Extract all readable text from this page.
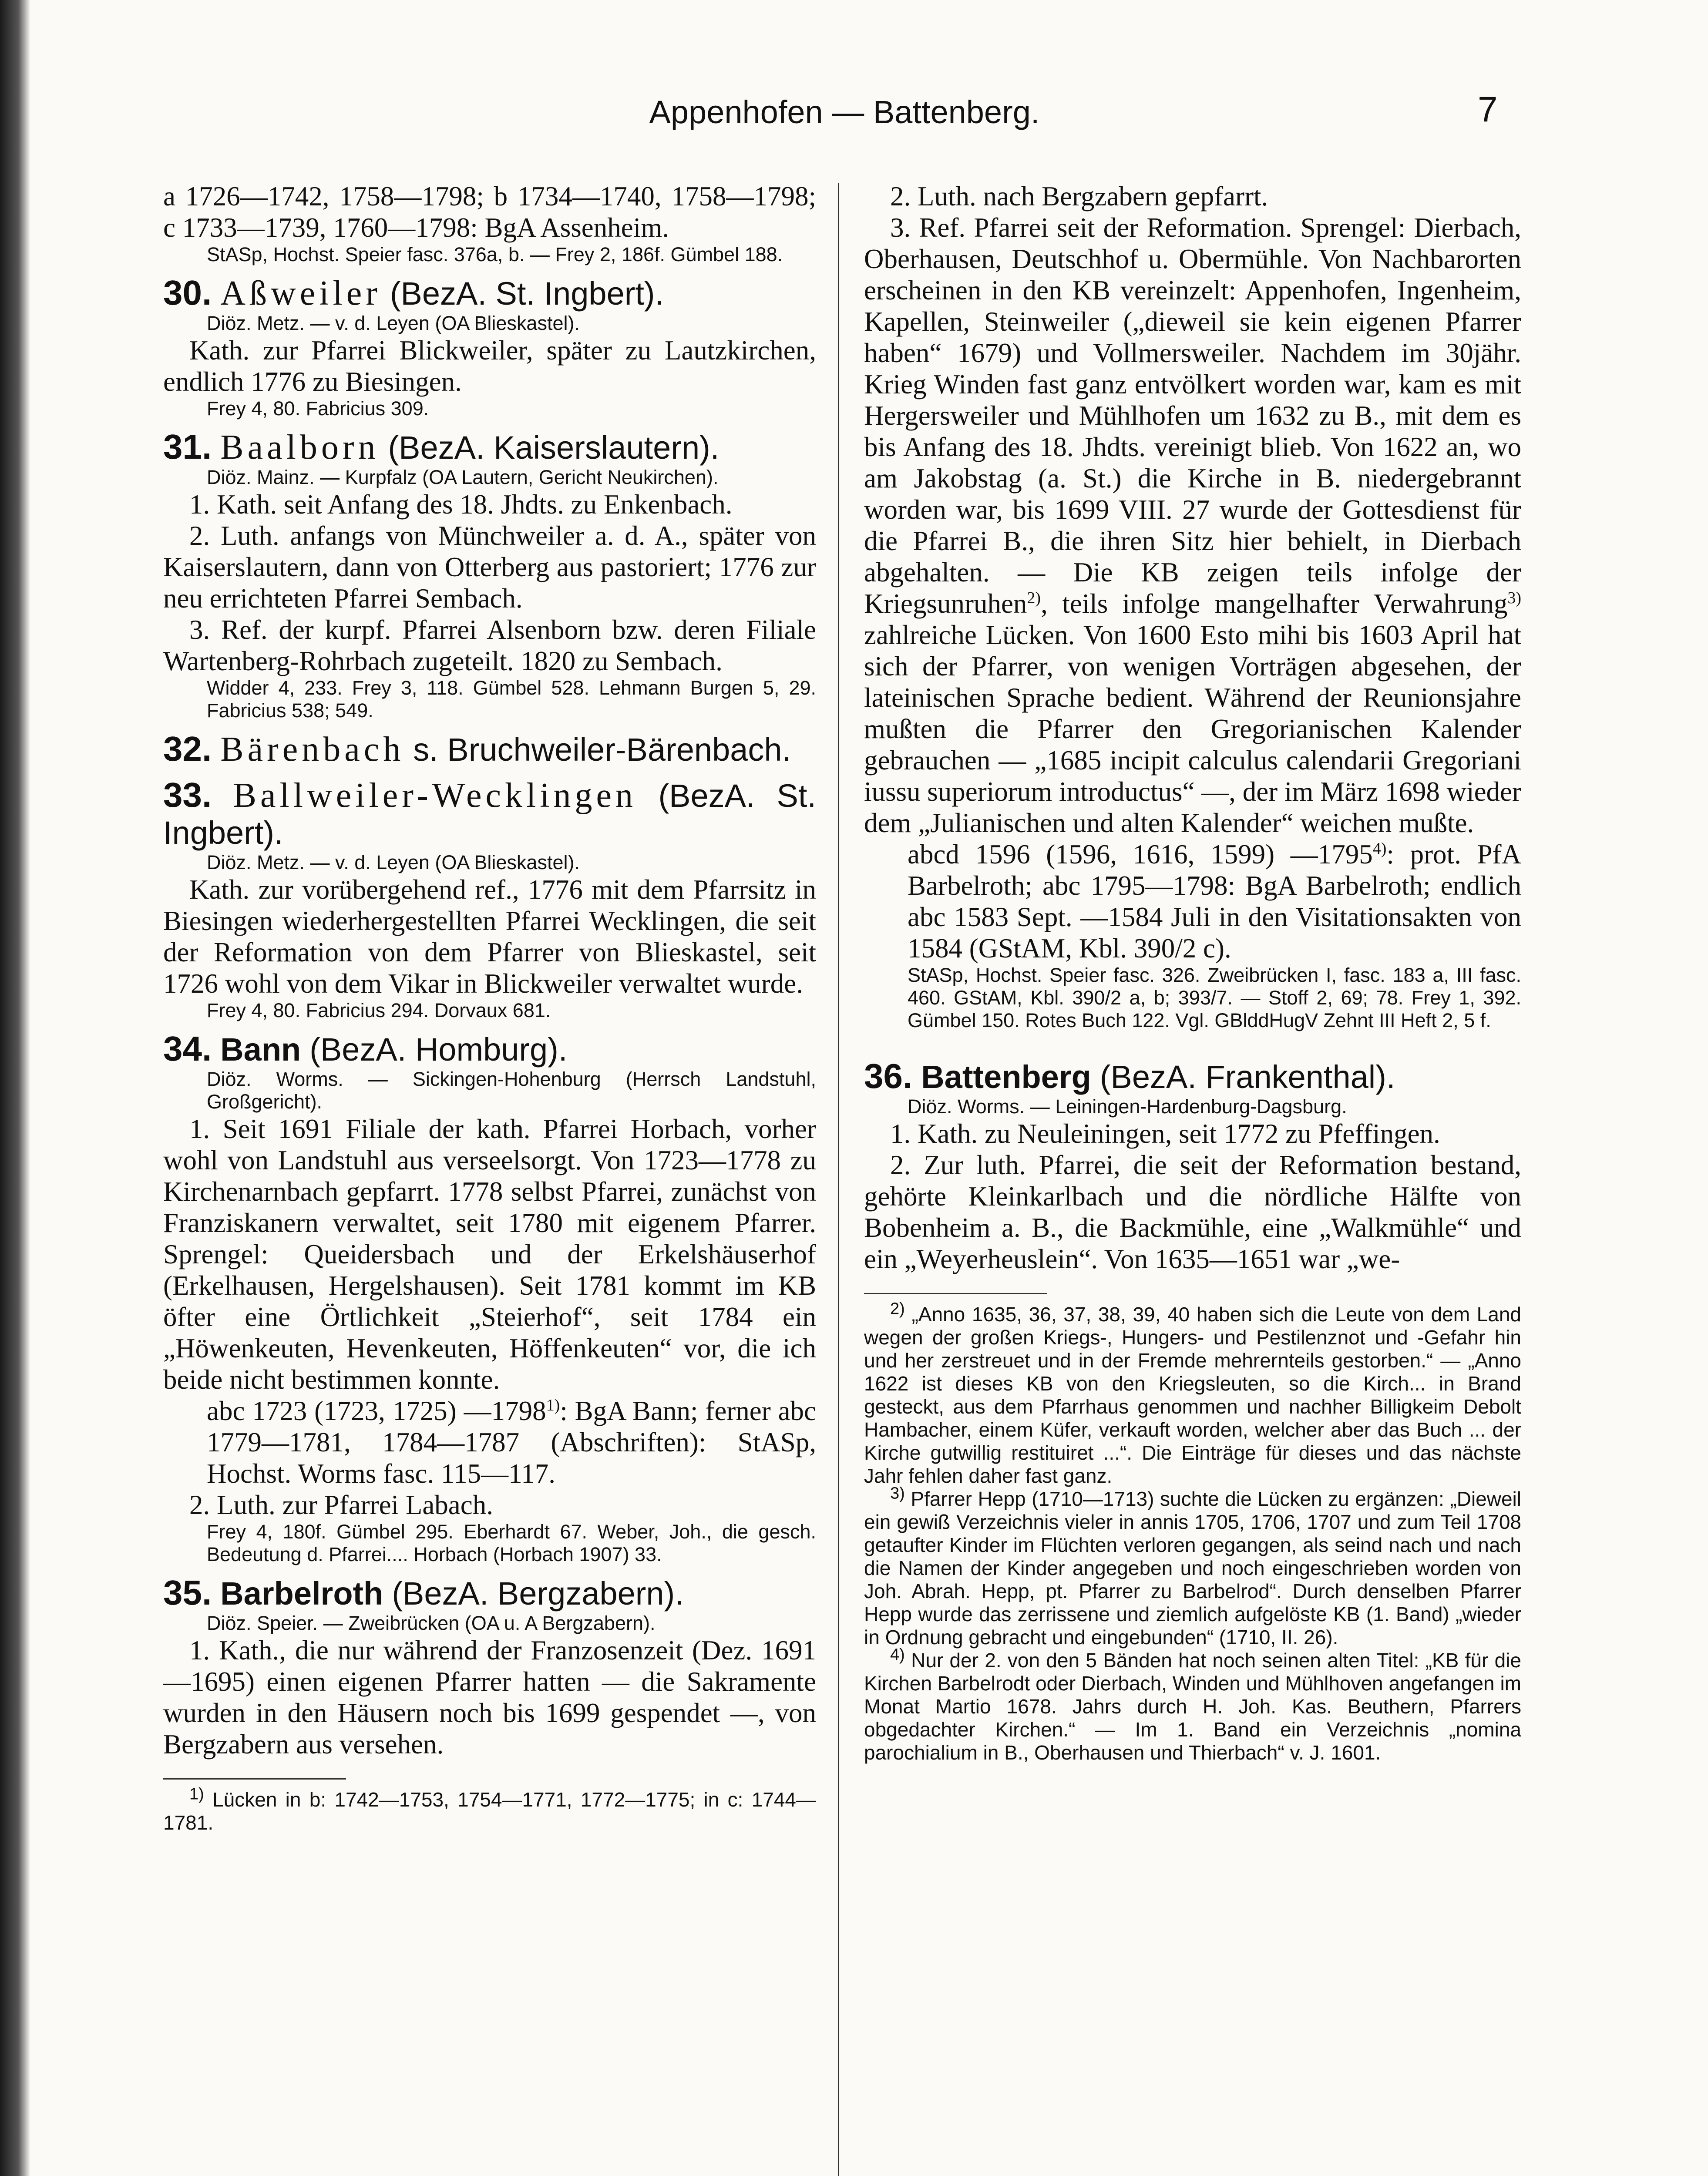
Appenhofen — Battenberg.	7

a 1726—1742, 1758—1798; b 1734—1740, 1758—1798; c 1733—1739, 1760—1798: BgA Assenheim.

StASp, Hochst. Speier fasc. 376a, b. — Frey 2, 186f. Gümbel 188.

30. Aßweiler (BezA. St. Ingbert).

Diöz. Metz. — v. d. Leyen (OA Blieskastel).

Kath. zur Pfarrei Blickweiler, später zu Lautzkirchen, endlich 1776 zu Biesingen.

Frey 4, 80. Fabricius 309.

31. Baalborn (BezA. Kaiserslautern).

Diöz. Mainz. — Kurpfalz (OA Lautern, Gericht Neukirchen).

1. Kath. seit Anfang des 18. Jhdts. zu Enkenbach.

2. Luth. anfangs von Münchweiler a. d. A., später von Kaiserslautern, dann von Otterberg aus pastoriert; 1776 zur neu errichteten Pfarrei Sembach.

3. Ref. der kurpf. Pfarrei Alsenborn bzw. deren Filiale Wartenberg-Rohrbach zugeteilt. 1820 zu Sembach.

Widder 4, 233. Frey 3, 118. Gümbel 528. Lehmann Burgen 5, 29. Fabricius 538; 549.

32. Bärenbach s. Bruchweiler-Bärenbach.
33. Ballweiler-Wecklingen (BezA. St. Ingbert).

Diöz. Metz. — v. d. Leyen (OA Blieskastel).

Kath. zur vorübergehend ref., 1776 mit dem Pfarrsitz in Biesingen wiederhergestellten Pfarrei Wecklingen, die seit der Reformation von dem Pfarrer von Blieskastel, seit 1726 wohl von dem Vikar in Blickweiler verwaltet wurde.

Frey 4, 80. Fabricius 294. Dorvaux 681.

34. Bann (BezA. Homburg).

Diöz. Worms. — Sickingen-Hohenburg (Herrsch Landstuhl, Großgericht).

1. Seit 1691 Filiale der kath. Pfarrei Horbach, vorher wohl von Landstuhl aus verseelsorgt. Von 1723—1778 zu Kirchenarnbach gepfarrt. 1778 selbst Pfarrei, zunächst von Franziskanern verwaltet, seit 1780 mit eigenem Pfarrer. Sprengel: Queidersbach und der Erkelshäuserhof (Erkelhausen, Hergelshausen). Seit 1781 kommt im KB öfter eine Örtlichkeit „Steierhof“, seit 1784 ein „Höwenkeuten, Hevenkeuten, Höffenkeuten“ vor, die ich beide nicht bestimmen konnte.

abc 1723 (1723, 1725) —1798$^{1)}$: BgA Bann; ferner abc 1779—1781, 1784—1787 (Abschriften): StASp, Hochst. Worms fasc. 115—117.

2. Luth. zur Pfarrei Labach.

Frey 4, 180f. Gümbel 295. Eberhardt 67. Weber, Joh., die gesch. Bedeutung d. Pfarrei.... Horbach (Horbach 1907) 33.

35. Barbelroth (BezA. Bergzabern).

Diöz. Speier. — Zweibrücken (OA u. A Bergzabern).

1. Kath., die nur während der Franzosenzeit (Dez. 1691—1695) einen eigenen Pfarrer hatten — die Sakramente wurden in den Häusern noch bis 1699 gespendet —, von Bergzabern aus versehen.

$^{1)}$ Lücken in b: 1742—1753, 1754—1771, 1772—1775; in c: 1744—1781.

2. Luth. nach Bergzabern gepfarrt.

3. Ref. Pfarrei seit der Reformation. Sprengel: Dierbach, Oberhausen, Deutschhof u. Obermühle. Von Nachbarorten erscheinen in den KB vereinzelt: Appenhofen, Ingenheim, Kapellen, Steinweiler („dieweil sie kein eigenen Pfarrer haben“ 1679) und Vollmersweiler. Nachdem im 30jähr. Krieg Winden fast ganz entvölkert worden war, kam es mit Hergersweiler und Mühlhofen um 1632 zu B., mit dem es bis Anfang des 18. Jhdts. vereinigt blieb. Von 1622 an, wo am Jakobstag (a. St.) die Kirche in B. niedergebrannt worden war, bis 1699 VIII. 27 wurde der Gottesdienst für die Pfarrei B., die ihren Sitz hier behielt, in Dierbach abgehalten. — Die KB zeigen teils infolge der Kriegsunruhen$^{2)}$, teils infolge mangelhafter Verwahrung$^{3)}$ zahlreiche Lücken. Von 1600 Esto mihi bis 1603 April hat sich der Pfarrer, von wenigen Vorträgen abgesehen, der lateinischen Sprache bedient. Während der Reunionsjahre mußten die Pfarrer den Gregorianischen Kalender gebrauchen — „1685 incipit calculus calendarii Gregoriani iussu superiorum introductus“ —, der im März 1698 wieder dem „Julianischen und alten Kalender“ weichen mußte.

abcd 1596 (1596, 1616, 1599) —1795$^{4)}$: prot. PfA Barbelroth; abc 1795—1798: BgA Barbelroth; endlich abc 1583 Sept. —1584 Juli in den Visitationsakten von 1584 (GStAM, Kbl. 390/2 c).

StASp, Hochst. Speier fasc. 326. Zweibrücken I, fasc. 183 a, III fasc. 460. GStAM, Kbl. 390/2 a, b; 393/7. — Stoff 2, 69; 78. Frey 1, 392. Gümbel 150. Rotes Buch 122. Vgl. GBlddHugV Zehnt III Heft 2, 5 f.

36. Battenberg (BezA. Frankenthal).

Diöz. Worms. — Leiningen-Hardenburg-Dagsburg.

1. Kath. zu Neuleiningen, seit 1772 zu Pfeffingen.

2. Zur luth. Pfarrei, die seit der Reformation bestand, gehörte Kleinkarlbach und die nördliche Hälfte von Bobenheim a. B., die Backmühle, eine „Walkmühle“ und ein „Weyerheuslein“. Von 1635—1651 war „we-

$^{2)}$ „Anno 1635, 36, 37, 38, 39, 40 haben sich die Leute von dem Land wegen der großen Kriegs-, Hungers- und Pestilenznot und -Gefahr hin und her zerstreuet und in der Fremde mehrernteils gestorben.“ — „Anno 1622 ist dieses KB von den Kriegsleuten, so die Kirch... in Brand gesteckt, aus dem Pfarrhaus genommen und nachher Billigkeim Debolt Hambacher, einem Küfer, verkauft worden, welcher aber das Buch ... der Kirche gutwillig restituiret ...“. Die Einträge für dieses und das nächste Jahr fehlen daher fast ganz.

$^{3)}$ Pfarrer Hepp (1710—1713) suchte die Lücken zu ergänzen: „Dieweil ein gewiß Verzeichnis vieler in annis 1705, 1706, 1707 und zum Teil 1708 getaufter Kinder im Flüchten verloren gegangen, als seind nach und nach die Namen der Kinder angegeben und noch eingeschrieben worden von Joh. Abrah. Hepp, pt. Pfarrer zu Barbelrod“. Durch denselben Pfarrer Hepp wurde das zerrissene und ziemlich aufgelöste KB (1. Band) „wieder in Ordnung gebracht und eingebunden“ (1710, II. 26).

$^{4)}$ Nur der 2. von den 5 Bänden hat noch seinen alten Titel: „KB für die Kirchen Barbelrodt oder Dierbach, Winden und Mühlhoven angefangen im Monat Martio 1678. Jahrs durch H. Joh. Kas. Beuthern, Pfarrers obgedachter Kirchen.“ — Im 1. Band ein Verzeichnis „nomina parochialium in B., Oberhausen und Thierbach“ v. J. 1601.
